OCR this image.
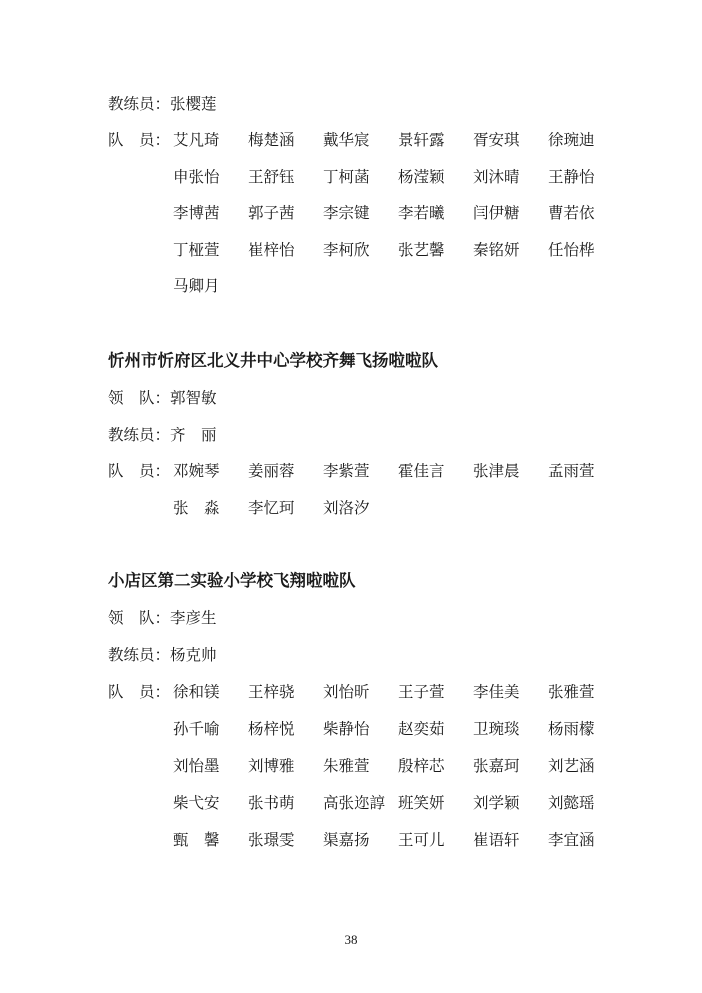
教练员：张樱莲
队　员： 艾凡琦 梅楚涵 戴华宸 景轩露 胥安琪 徐琬迪
申张怡 王舒钰 丁柯菡 杨滢颖 刘沐晴 王静怡
李博茜 郭子茜 李宗键 李若曦 闫伊糖 曹若依
丁桠萱 崔梓怡 李柯欣 张艺馨 秦铭妍 任怡桦
马卿月
忻州市忻府区北义井中心学校齐舞飞扬啦啦队
领　队：郭智敏
教练员：齐　丽
队　员： 邓婉琴 姜丽蓉 李紫萱 霍佳言 张津晨 孟雨萱
张　淼 李忆珂 刘洛汐
小店区第二实验小学校飞翔啦啦队
领　队：李彦生
教练员：杨克帅
队　员： 徐和镁 王梓骁 刘怡昕 王子萱 李佳美 张雅萱
孙千喻 杨梓悦 柴静怡 赵奕茹 卫琬琰 杨雨檬
刘怡墨 刘博雅 朱雅萱 殷梓芯 张嘉珂 刘艺涵
柴弋安 张书萌 高张迩諄 班笑妍 刘学颖 刘懿瑶
甄　馨 张璟雯 渠嘉扬 王可儿 崔语轩 李宜涵
38
